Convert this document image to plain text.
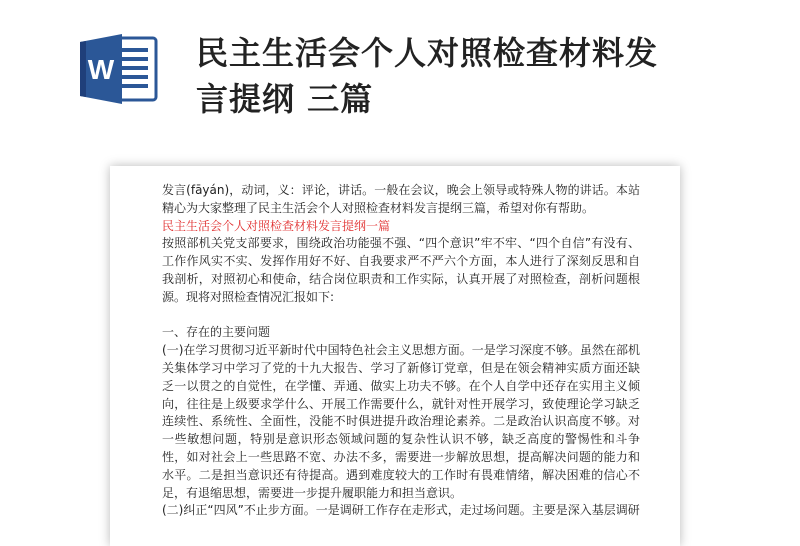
W	民主生活会个人对照检查材料发
言提纲 三篇

发言(fāyán)，动词，义：评论，讲话。一般在会议，晚会上领导或特殊人物的讲话。本站精心为大家整理了民主生活会个人对照检查材料发言提纲三篇，希望对你有帮助。

民主生活会个人对照检查材料发言提纲一篇

按照部机关党支部要求，围绕政治功能强不强、“四个意识”牢不牢、“四个自信”有没有、工作作风实不实、发挥作用好不好、自我要求严不严六个方面，本人进行了深刻反思和自我剖析，对照初心和使命，结合岗位职责和工作实际，认真开展了对照检查，剖析问题根源。现将对照检查情况汇报如下:

一、存在的主要问题

(一)在学习贯彻习近平新时代中国特色社会主义思想方面。一是学习深度不够。虽然在部机关集体学习中学习了党的十九大报告、学习了新修订党章，但是在领会精神实质方面还缺乏一以贯之的自觉性，在学懂、弄通、做实上功夫不够。在个人自学中还存在实用主义倾向，往往是上级要求学什么、开展工作需要什么，就针对性开展学习，致使理论学习缺乏连续性、系统性、全面性，没能不时俱进提升政治理论素养。二是政治认识高度不够。对一些敏想问题，特别是意识形态领域问题的复杂性认识不够，缺乏高度的警惕性和斗争性，如对社会上一些思路不宽、办法不多，需要进一步解放思想，提高解决问题的能力和水平。二是担当意识还有待提高。遇到难度较大的工作时有畏难情绪，解决困难的信心不足，有退缩思想，需要进一步提升履职能力和担当意识。

(二)纠正“四风”不止步方面。一是调研工作存在走形式，走过场问题。主要是深入基层调研
